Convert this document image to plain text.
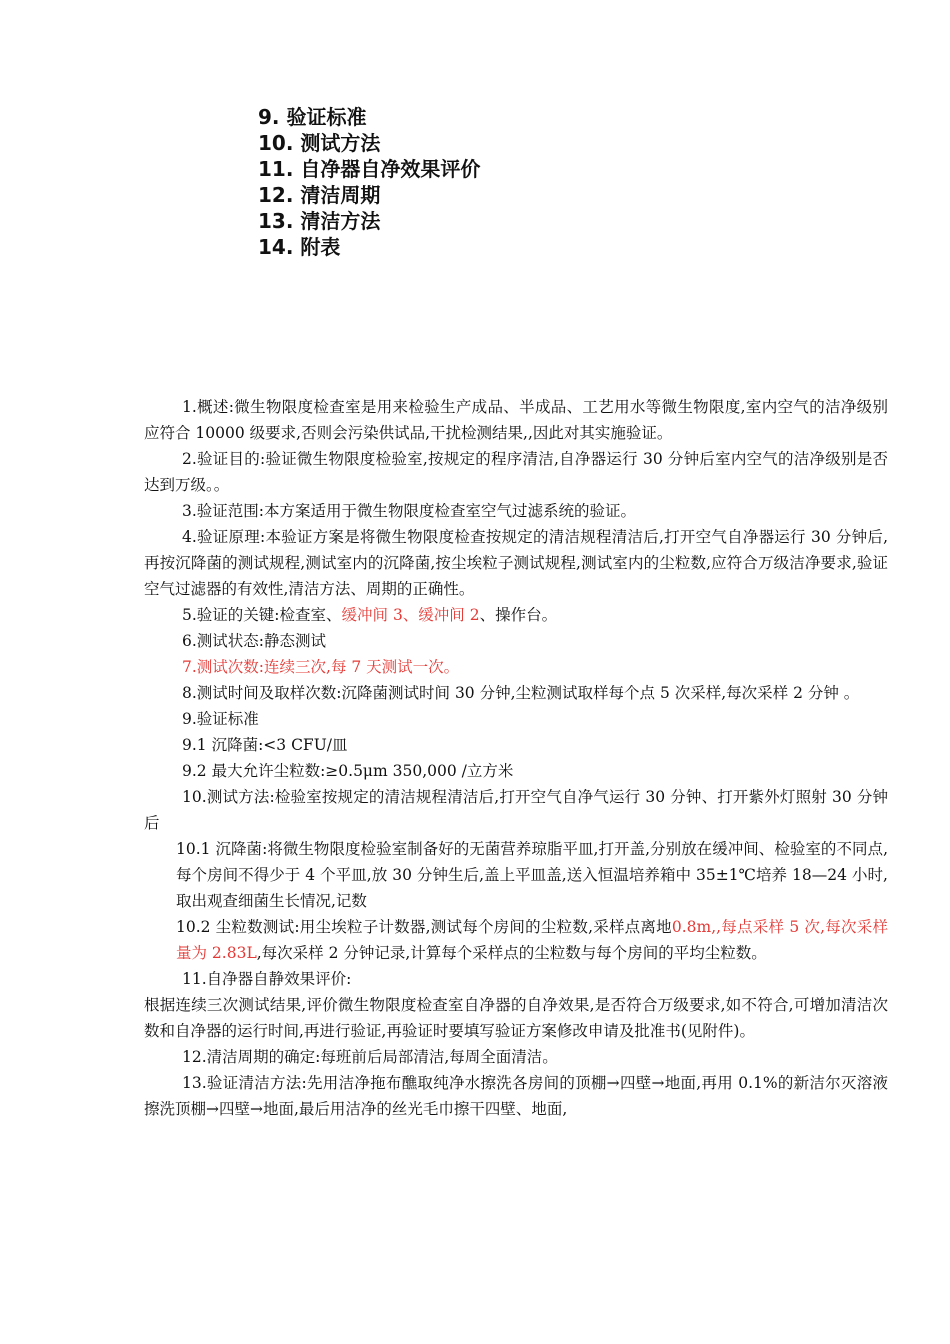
9. 验证标准
10. 测试方法
11. 自净器自净效果评价
12. 清洁周期
13. 清洁方法
14. 附表

1.概述:微生物限度检查室是用来检验生产成品、半成品、工艺用水等微生物限度,室内空气的洁净级别应符合 10000 级要求,否则会污染供试品,干扰检测结果,,因此对其实施验证。

2.验证目的:验证微生物限度检验室,按规定的程序清洁,自净器运行 30 分钟后室内空气的洁净级别是否达到万级。。

3.验证范围:本方案适用于微生物限度检查室空气过滤系统的验证。

4.验证原理:本验证方案是将微生物限度检查按规定的清洁规程清洁后,打开空气自净器运行 30 分钟后,再按沉降菌的测试规程,测试室内的沉降菌,按尘埃粒子测试规程,测试室内的尘粒数,应符合万级洁净要求,验证空气过滤器的有效性,清洁方法、周期的正确性。

5.验证的关键:检查室、缓冲间 3、缓冲间 2、操作台。

6.测试状态:静态测试

7.测试次数:连续三次,每 7 天测试一次。

8.测试时间及取样次数:沉降菌测试时间 30 分钟,尘粒测试取样每个点 5 次采样,每次采样 2 分钟 。

9.验证标准

9.1 沉降菌:<3 CFU/皿

9.2 最大允许尘粒数:≥0.5μm 350,000 /立方米

10.测试方法:检验室按规定的清洁规程清洁后,打开空气自净气运行 30 分钟、打开紫外灯照射 30 分钟后

10.1 沉降菌:将微生物限度检验室制备好的无菌营养琼脂平皿,打开盖,分别放在缓冲间、检验室的不同点,每个房间不得少于 4 个平皿,放 30 分钟生后,盖上平皿盖,送入恒温培养箱中 35±1℃培养 18—24 小时,取出观查细菌生长情况,记数

10.2 尘粒数测试:用尘埃粒子计数器,测试每个房间的尘粒数,采样点离地0.8m,,每点采样 5 次,每次采样量为 2.83L,每次采样 2 分钟记录,计算每个采样点的尘粒数与每个房间的平均尘粒数。

11.自净器自静效果评价:

根据连续三次测试结果,评价微生物限度检查室自净器的自净效果,是否符合万级要求,如不符合,可增加清洁次数和自净器的运行时间,再进行验证,再验证时要填写验证方案修改申请及批准书(见附件)。

12.清洁周期的确定:每班前后局部清洁,每周全面清洁。

13.验证清洁方法:先用洁净拖布醮取纯净水擦洗各房间的顶棚→四壁→地面,再用 0.1%的新洁尔灭溶液擦洗顶棚→四壁→地面,最后用洁净的丝光毛巾擦干四壁、地面,
